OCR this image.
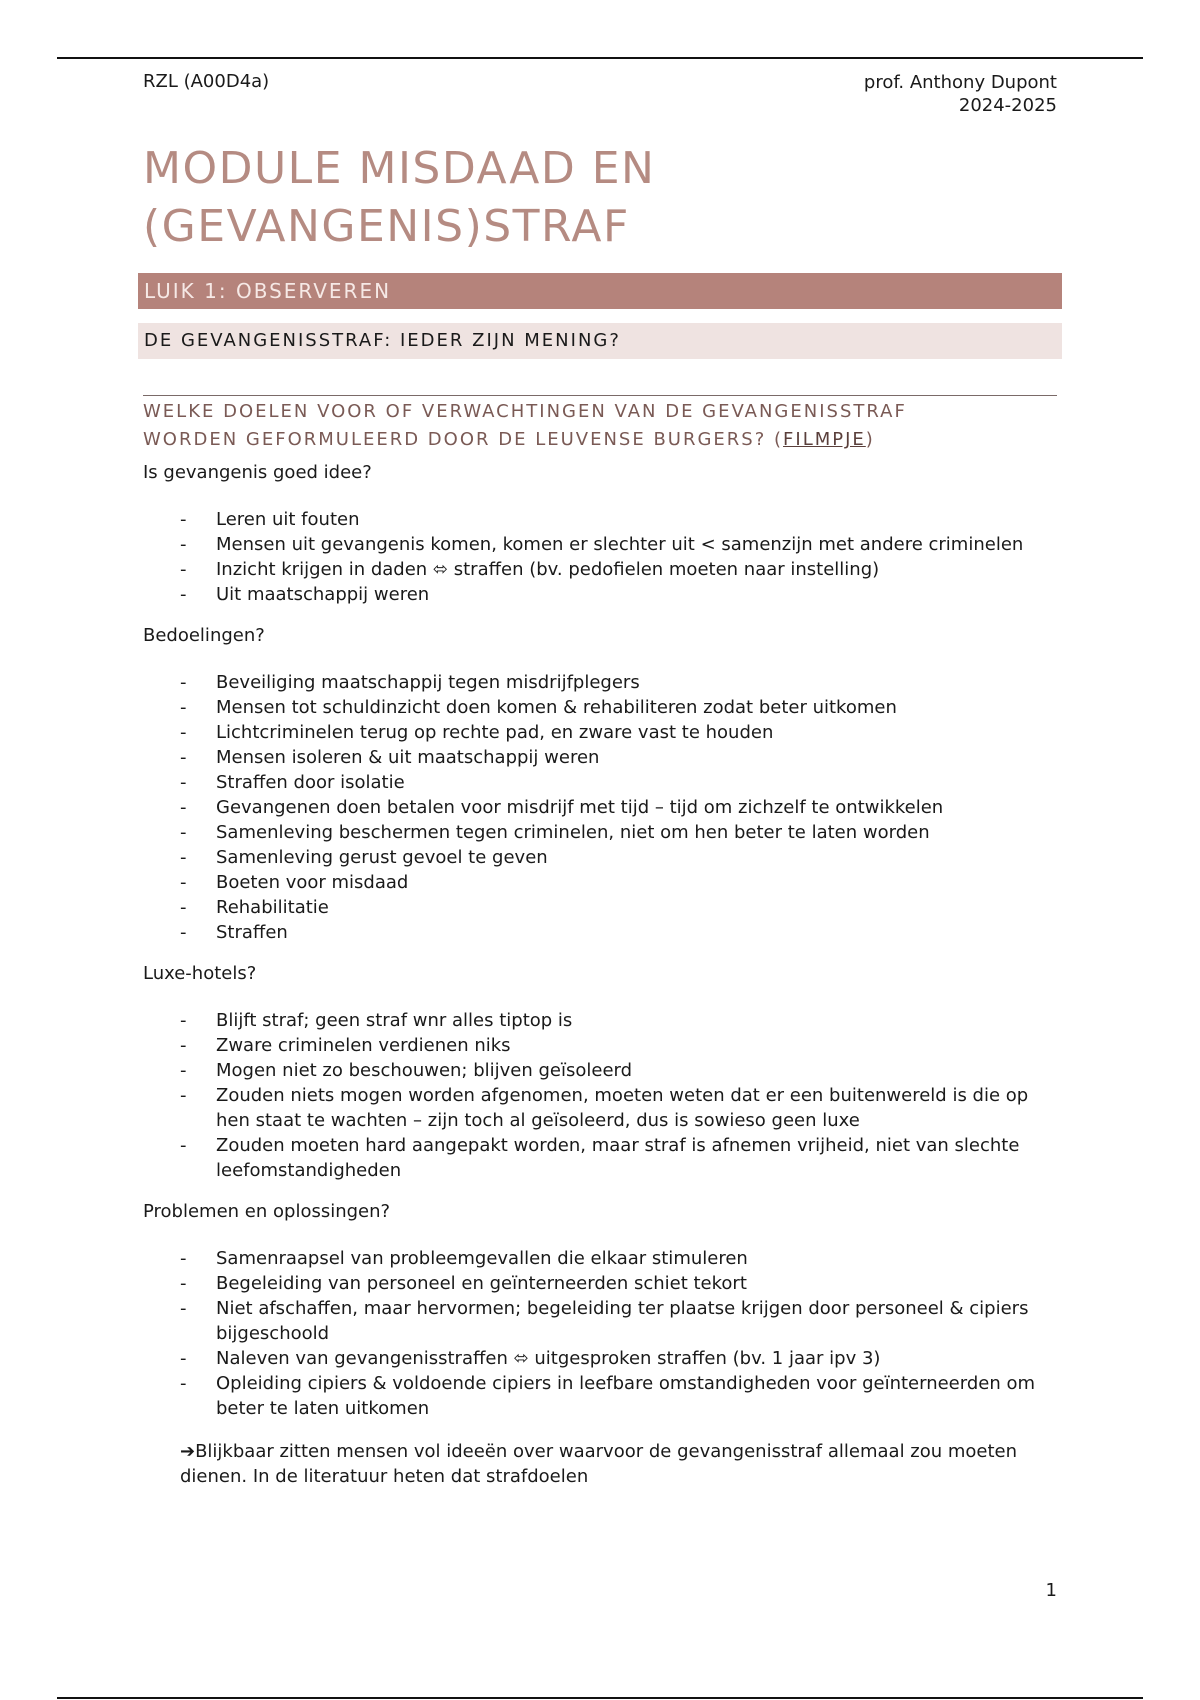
RZL (A00D4a)	prof. Anthony Dupont
2024-2025
MODULE MISDAAD EN
(GEVANGENIS)STRAF
LUIK 1: OBSERVEREN
DE GEVANGENISSTRAF: IEDER ZIJN MENING?
WELKE DOELEN VOOR OF VERWACHTINGEN VAN DE GEVANGENISSTRAF
WORDEN GEFORMULEERD DOOR DE LEUVENSE BURGERS? (FILMPJE)

Is gevangenis goed idee?

- Leren uit fouten
- Mensen uit gevangenis komen, komen er slechter uit < samenzijn met andere criminelen
- Inzicht krijgen in daden ⬄ straffen (bv. pedofielen moeten naar instelling)
- Uit maatschappij weren

Bedoelingen?

- Beveiliging maatschappij tegen misdrijfplegers
- Mensen tot schuldinzicht doen komen & rehabiliteren zodat beter uitkomen
- Lichtcriminelen terug op rechte pad, en zware vast te houden
- Mensen isoleren & uit maatschappij weren
- Straffen door isolatie
- Gevangenen doen betalen voor misdrijf met tijd – tijd om zichzelf te ontwikkelen
- Samenleving beschermen tegen criminelen, niet om hen beter te laten worden
- Samenleving gerust gevoel te geven
- Boeten voor misdaad
- Rehabilitatie
- Straffen

Luxe-hotels?

- Blijft straf; geen straf wnr alles tiptop is
- Zware criminelen verdienen niks
- Mogen niet zo beschouwen; blijven geïsoleerd
- Zouden niets mogen worden afgenomen, moeten weten dat er een buitenwereld is die op hen staat te wachten – zijn toch al geïsoleerd, dus is sowieso geen luxe
- Zouden moeten hard aangepakt worden, maar straf is afnemen vrijheid, niet van slechte leefomstandigheden

Problemen en oplossingen?

- Samenraapsel van probleemgevallen die elkaar stimuleren
- Begeleiding van personeel en geïnterneerden schiet tekort
- Niet afschaffen, maar hervormen; begeleiding ter plaatse krijgen door personeel & cipiers bijgeschoold
- Naleven van gevangenisstraffen ⬄ uitgesproken straffen (bv. 1 jaar ipv 3)
- Opleiding cipiers & voldoende cipiers in leefbare omstandigheden voor geïnterneerden om beter te laten uitkomen

➔Blijkbaar zitten mensen vol ideeën over waarvoor de gevangenisstraf allemaal zou moeten dienen. In de literatuur heten dat strafdoelen

1
